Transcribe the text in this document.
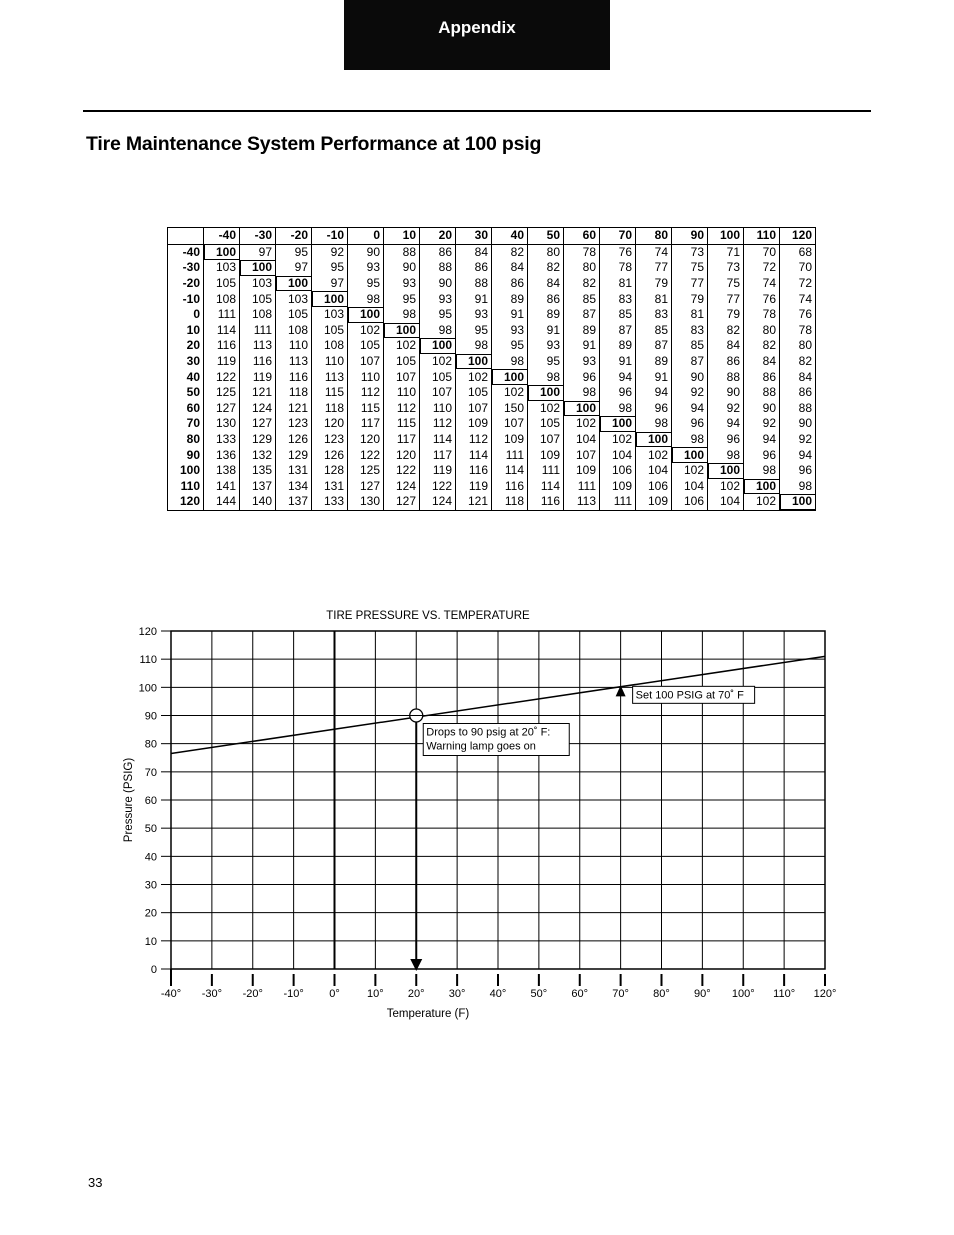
Appendix
Tire Maintenance System Performance at 100 psig
	-40	-30	-20	-10	0	10	20	30	40	50	60	70	80	90	100	110	120
-40	100	97	95	92	90	88	86	84	82	80	78	76	74	73	71	70	68
-30	103	100	97	95	93	90	88	86	84	82	80	78	77	75	73	72	70
-20	105	103	100	97	95	93	90	88	86	84	82	81	79	77	75	74	72
-10	108	105	103	100	98	95	93	91	89	86	85	83	81	79	77	76	74
0	111	108	105	103	100	98	95	93	91	89	87	85	83	81	79	78	76
10	114	111	108	105	102	100	98	95	93	91	89	87	85	83	82	80	78
20	116	113	110	108	105	102	100	98	95	93	91	89	87	85	84	82	80
30	119	116	113	110	107	105	102	100	98	95	93	91	89	87	86	84	82
40	122	119	116	113	110	107	105	102	100	98	96	94	91	90	88	86	84
50	125	121	118	115	112	110	107	105	102	100	98	96	94	92	90	88	86
60	127	124	121	118	115	112	110	107	150	102	100	98	96	94	92	90	88
70	130	127	123	120	117	115	112	109	107	105	102	100	98	96	94	92	90
80	133	129	126	123	120	117	114	112	109	107	104	102	100	98	96	94	92
90	136	132	129	126	122	120	117	114	111	109	107	104	102	100	98	96	94
100	138	135	131	128	125	122	119	116	114	111	109	106	104	102	100	98	96
110	141	137	134	131	127	124	122	119	116	114	111	109	106	104	102	100	98
120	144	140	137	133	130	127	124	121	118	116	113	111	109	106	104	102	100
-40° -30° -20° -10° 0° 10° 20° 30° 40° 50° 60° 70° 80° 90° 100° 110° 120°
0
10
20
30
40
50
60
70
80
90
100
110
120
TIRE PRESSURE VS. TEMPERATURE
Temperature (F)
Pressure (PSIG)
Set 100 PSIG at 70˚ F
Drops to 90 psig at 20˚ F:
Warning lamp goes on
33
